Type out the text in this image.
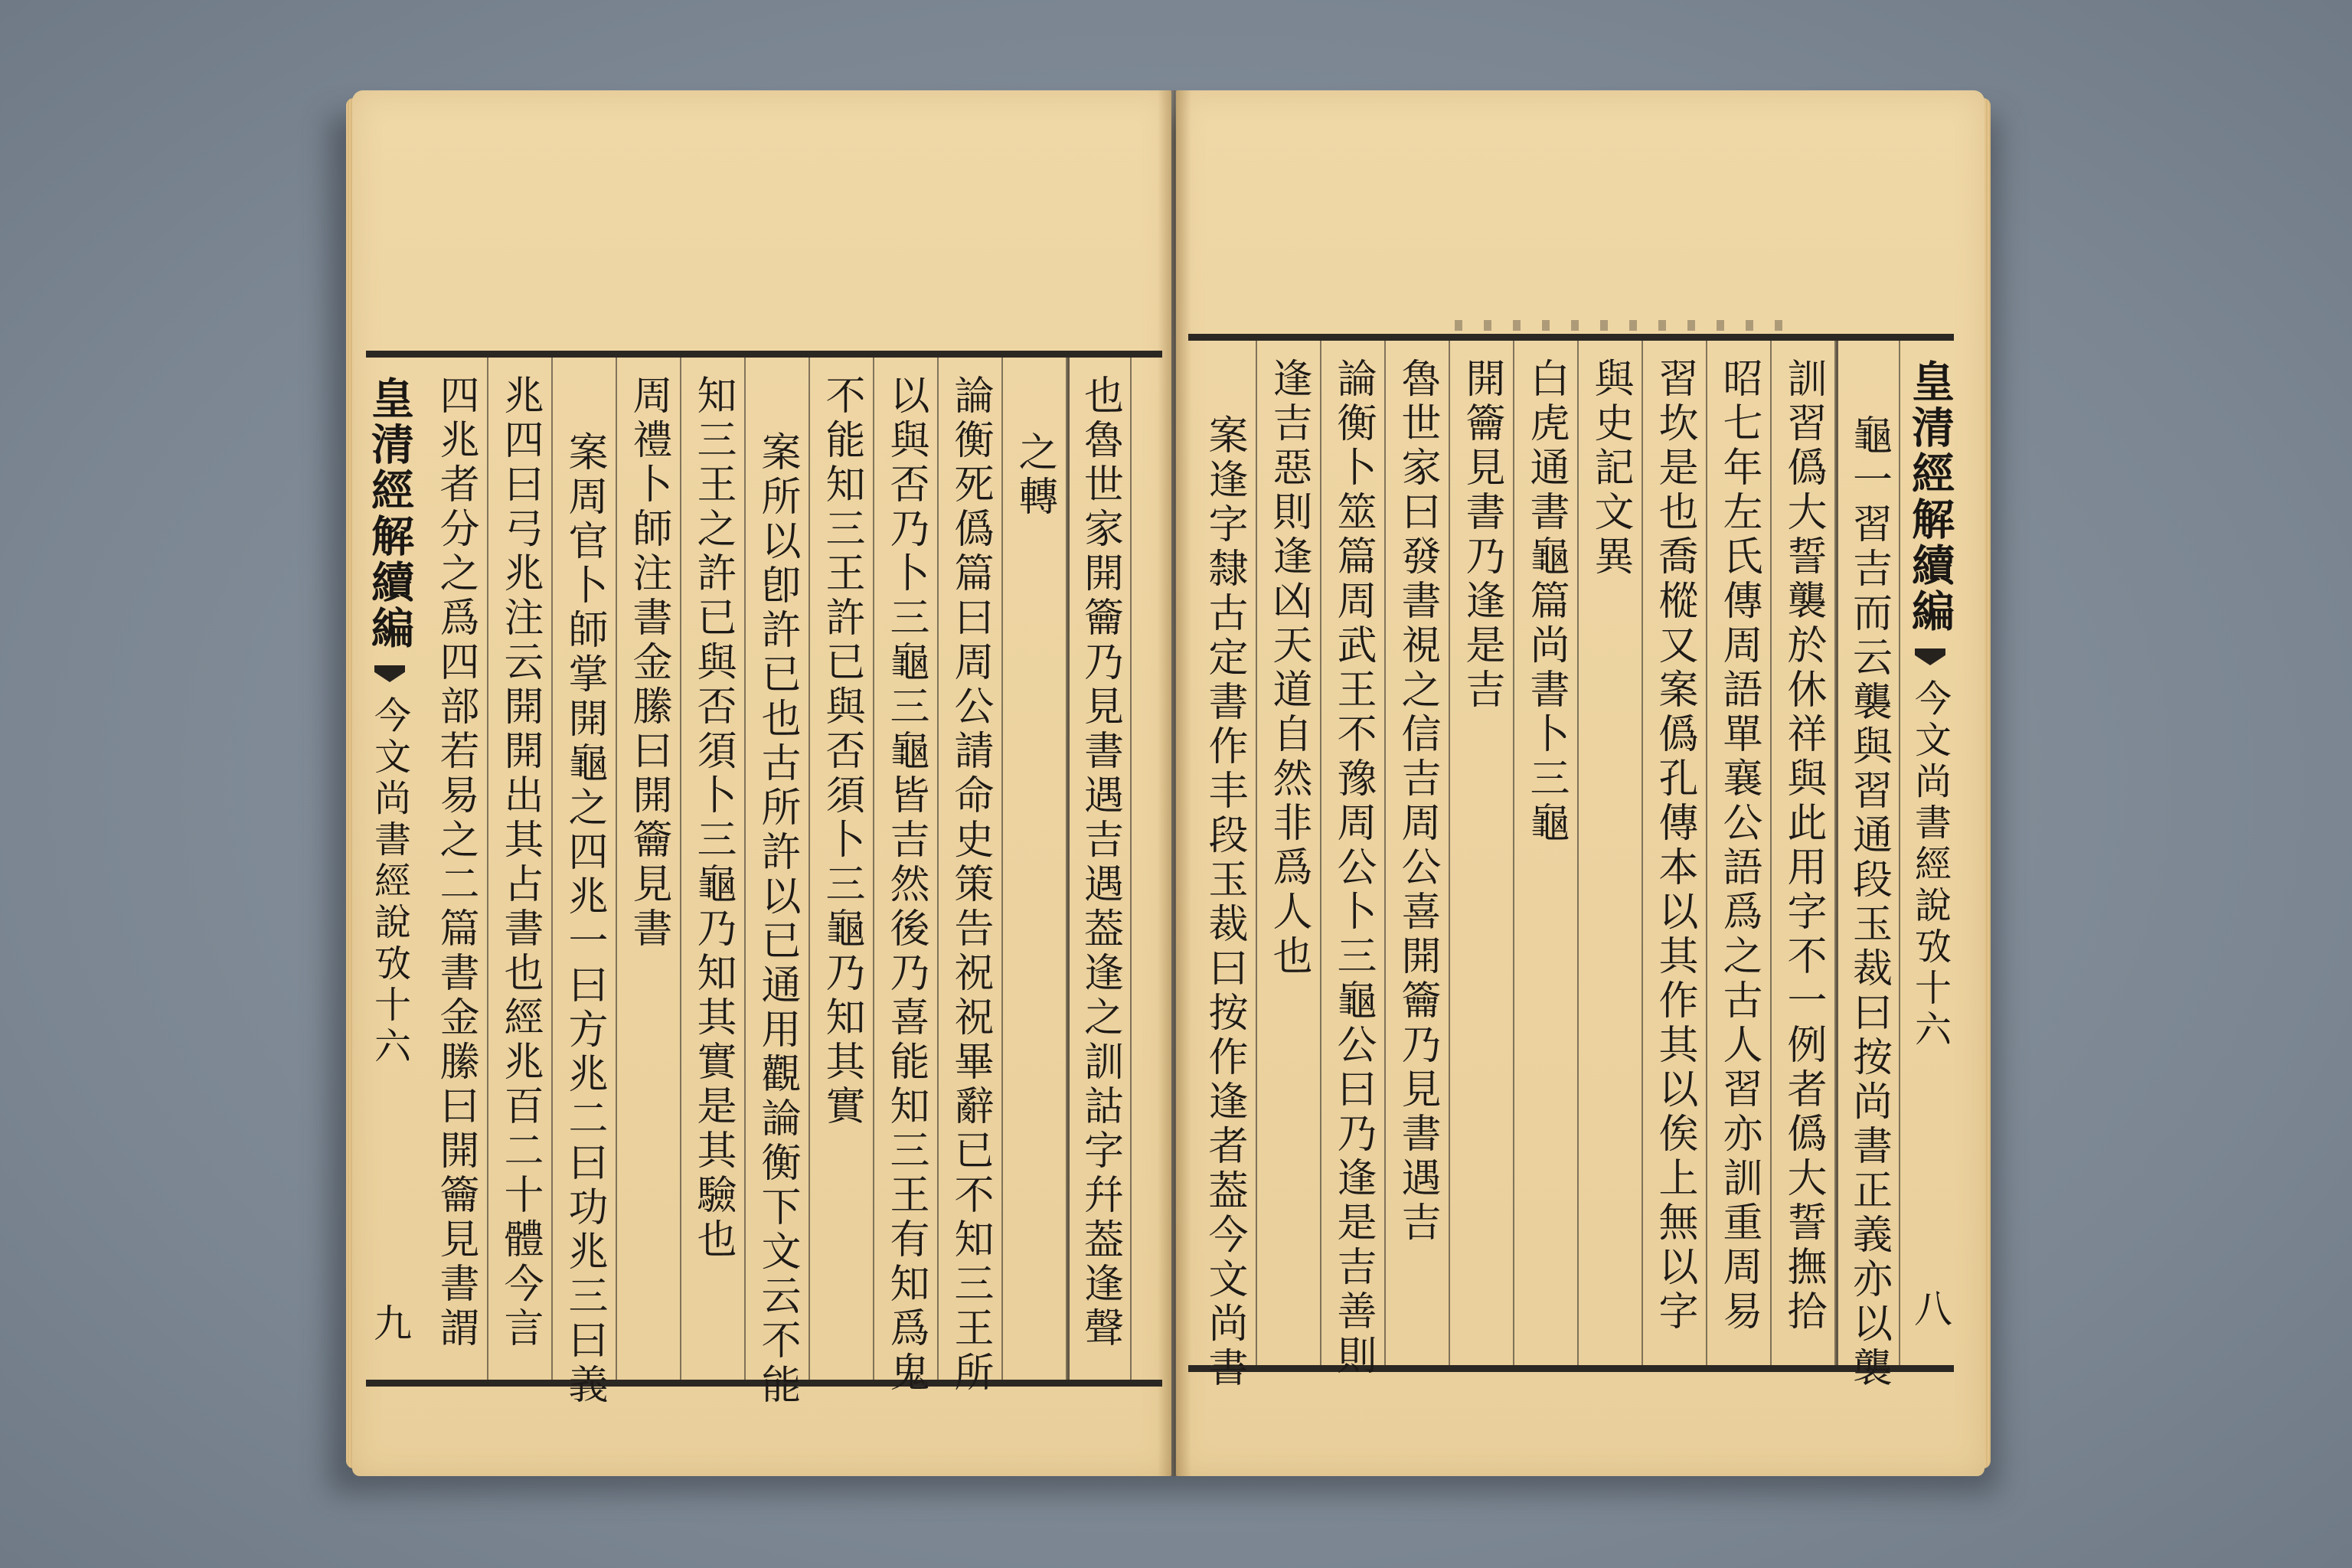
皇清經解續編
今文尚書經說攷十六
九	也魯世家開籥乃見書遇吉遇葢逢之訓詁字幷葢逢聲
之轉
論衡死僞篇曰周公請命史策告祝祝畢辭已不知三王所
以與否乃卜三龜三龜皆吉然後乃喜能知三王有知爲鬼
不能知三王許已與否須卜三龜乃知其實
案所以卽許已也古所許以已通用觀論衡下文云不能
知三王之許已與否須卜三龜乃知其實是其驗也
周禮卜師注書金縢曰開籥見書
案周官卜師掌開龜之四兆一曰方兆二曰功兆三曰義
兆四曰弓兆注云開開出其占書也經兆百二十體今言
四兆者分之爲四部若易之二篇書金縢曰開籥見書謂	皇清經解續編
今文尚書經說攷十六
八
龜一習吉而云襲與習通段玉裁曰按尚書正義亦以襲
訓習僞大誓襲於休祥與此用字不一例者僞大誓撫拾
昭七年左氏傳周語單襄公語爲之古人習亦訓重周易
習坎是也喬樅又案僞孔傳本以其作其以俟上無以字
與史記文異
白虎通書龜篇尚書卜三龜
開籥見書乃逢是吉
魯世家曰發書視之信吉周公喜開籥乃見書遇吉
論衡卜筮篇周武王不豫周公卜三龜公曰乃逢是吉善則
逢吉惡則逢凶天道自然非爲人也
案逢字隸古定書作丰段玉裁曰按作逢者葢今文尚書
